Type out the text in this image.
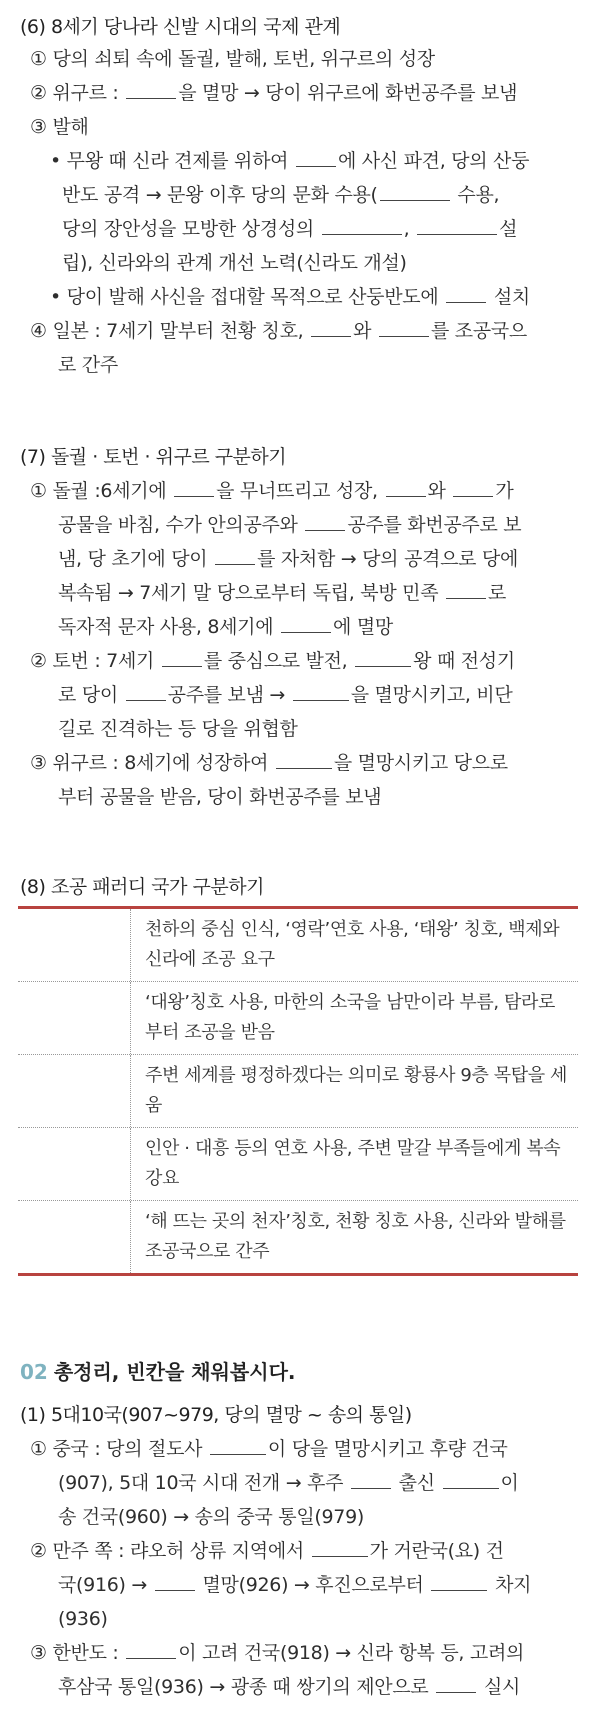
(6) 8세기 당나라 신발 시대의 국제 관계
① 당의 쇠퇴 속에 돌궐, 발해, 토번, 위구르의 성장
② 위구르 :	을 멸망 → 당이 위구르에 화번공주를 보냄
③ 발해
• 무왕 때 신라 견제를 위하여 에 사신 파견, 당의 산둥
반도 공격 → 문왕 이후 당의 문화 수용(	수용,
당의 장안성을 모방한 상경성의	,	설
립), 신라와의 관계 개선 노력(신라도 개설)
• 당이 발해 사신을 접대할 목적으로 산둥반도에  설치
④ 일본 : 7세기 말부터 천황 칭호, 와	를 조공국으
로 간주
(7) 돌궐 · 토번 · 위구르 구분하기
① 돌궐 :6세기에 을 무너뜨리고 성장, 와 가
공물을 바침, 수가 안의공주와 공주를 화번공주로 보
냄, 당 초기에 당이 를 자처함 → 당의 공격으로 당에
복속됨 → 7세기 말 당으로부터 독립, 북방 민족 로
독자적 문자 사용, 8세기에	에 멸망
② 토번 : 7세기 를 중심으로 발전,	왕 때 전성기
로 당이 공주를 보냄 →	을 멸망시키고, 비단
길로 진격하는 등 당을 위협함
③ 위구르 : 8세기에 성장하여	을 멸망시키고 당으로
부터 공물을 받음, 당이 화번공주를 보냄
(8) 조공 패러디 국가 구분하기
천하의 중심 인식, ‘영락’연호 사용, ‘태왕’ 칭호, 백제와 신라에 조공 요구
‘대왕’칭호 사용, 마한의 소국을 남만이라 부름, 탐라로부터 조공을 받음
주변 세계를 평정하겠다는 의미로 황룡사 9층 목탑을 세움
인안 · 대흥 등의 연호 사용, 주변 말갈 부족들에게 복속 강요
‘해 뜨는 곳의 천자’칭호, 천황 칭호 사용, 신라와 발해를 조공국으로 간주
02 총정리, 빈칸을 채워봅시다.
(1) 5대10국(907~979, 당의 멸망 ~ 송의 통일)
① 중국 : 당의 절도사	이 당을 멸망시키고 후량 건국
(907), 5대 10국 시대 전개 → 후주  출신	이
송 건국(960) → 송의 중국 통일(979)
② 만주 쪽 : 랴오허 상류 지역에서	가 거란국(요) 건
국(916) →  멸망(926) → 후진으로부터	차지
(936)
③ 한반도 :	이 고려 건국(918) → 신라 항복 등, 고려의
후삼국 통일(936) → 광종 때 쌍기의 제안으로  실시
